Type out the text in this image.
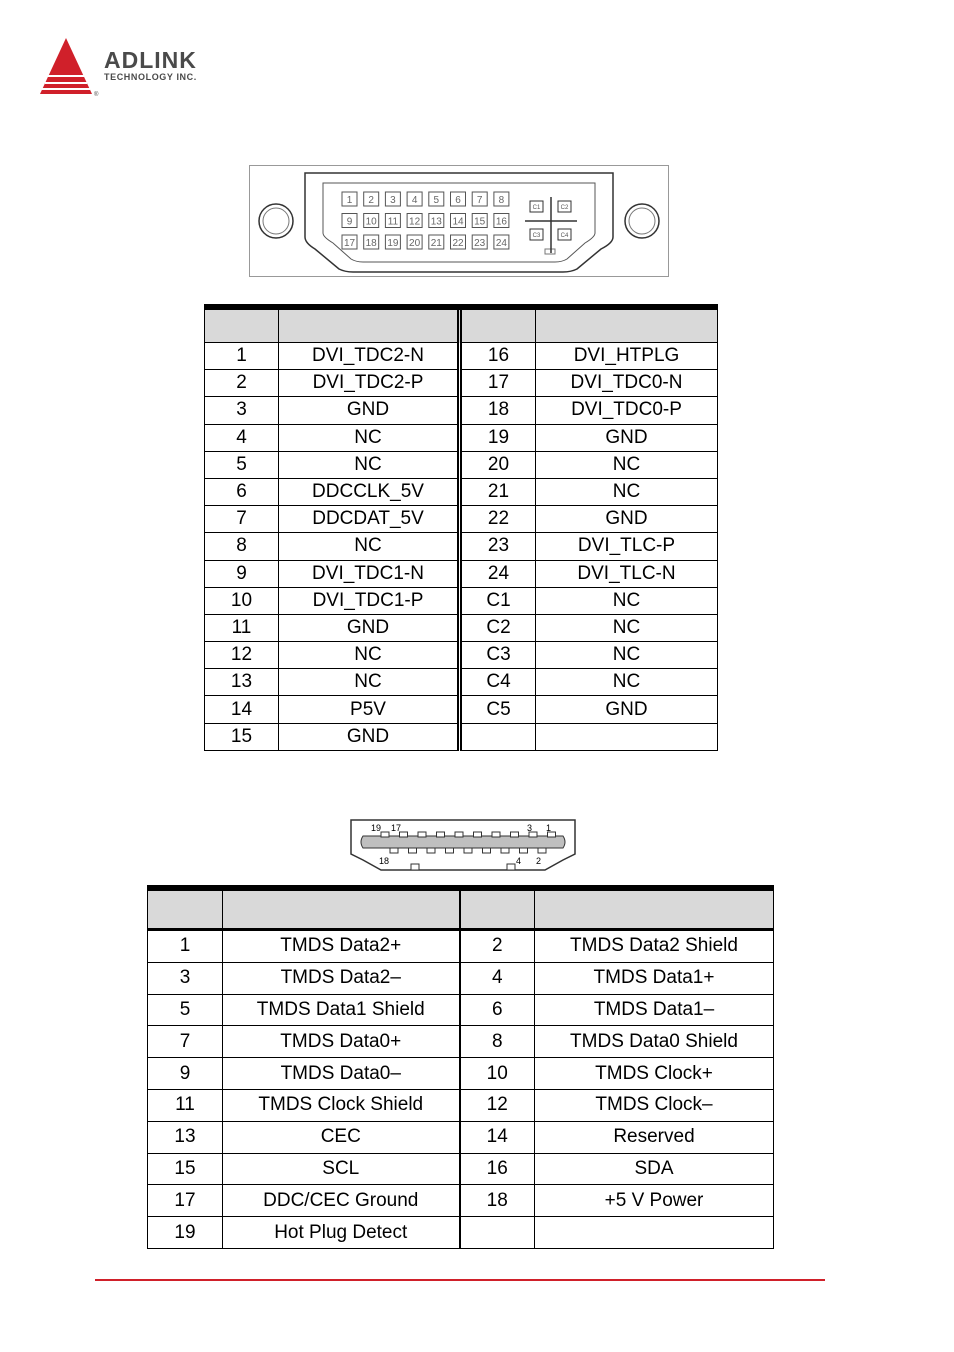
®
ADLINK
TECHNOLOGY INC.
1 2 3 4 5 6 7 8
9 10 11 12 13 14 15 16
17 18 19 20 21 22 23 24
C1	C2
C3	C4

1	DVI_TDC2-N	16	DVI_HTPLG
2	DVI_TDC2-P	17	DVI_TDC0-N
3	GND	18	DVI_TDC0-P
4	NC	19	GND
5	NC	20	NC
6	DDCCLK_5V	21	NC
7	DDCDAT_5V	22	GND
8	NC	23	DVI_TLC-P
9	DVI_TDC1-N	24	DVI_TLC-N
10	DVI_TDC1-P	C1	NC
11	GND	C2	NC
12	NC	C3	NC
13	NC	C4	NC
14	P5V	C5	GND
15	GND		
19 17	3 1
18	4 2

1	TMDS Data2+	2	TMDS Data2 Shield
3	TMDS Data2–	4	TMDS Data1+
5	TMDS Data1 Shield	6	TMDS Data1–
7	TMDS Data0+	8	TMDS Data0 Shield
9	TMDS Data0–	10	TMDS Clock+
11	TMDS Clock Shield	12	TMDS Clock–
13	CEC	14	Reserved
15	SCL	16	SDA
17	DDC/CEC Ground	18	+5 V Power
19	Hot Plug Detect		
